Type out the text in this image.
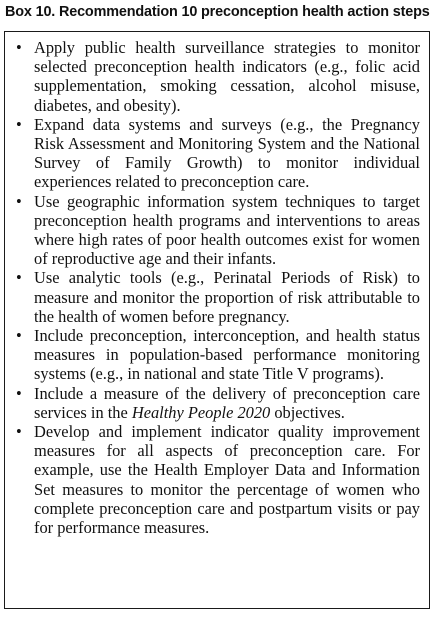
Box 10. Recommendation 10 preconception health action steps
• Apply public health surveillance strategies to monitor selected preconception health indicators (e.g., folic acid supplementation, smoking cessation, alcohol misuse, diabetes, and obesity).
• Expand data systems and surveys (e.g., the Pregnancy Risk Assessment and Monitoring System and the National Survey of Family Growth) to monitor individual experiences related to preconception care.
• Use geographic information system techniques to target preconception health programs and interventions to areas where high rates of poor health outcomes exist for women of reproductive age and their infants.
• Use analytic tools (e.g., Perinatal Periods of Risk) to measure and monitor the proportion of risk attributable to the health of women before pregnancy.
• Include preconception, interconception, and health status measures in population-based performance monitoring systems (e.g., in national and state Title V programs).
• Include a measure of the delivery of preconception care services in the Healthy People 2020 objectives.
• Develop and implement indicator quality improvement measures for all aspects of preconception care. For example, use the Health Employer Data and Information Set measures to monitor the percentage of women who complete preconception care and postpartum visits or pay for performance measures.
